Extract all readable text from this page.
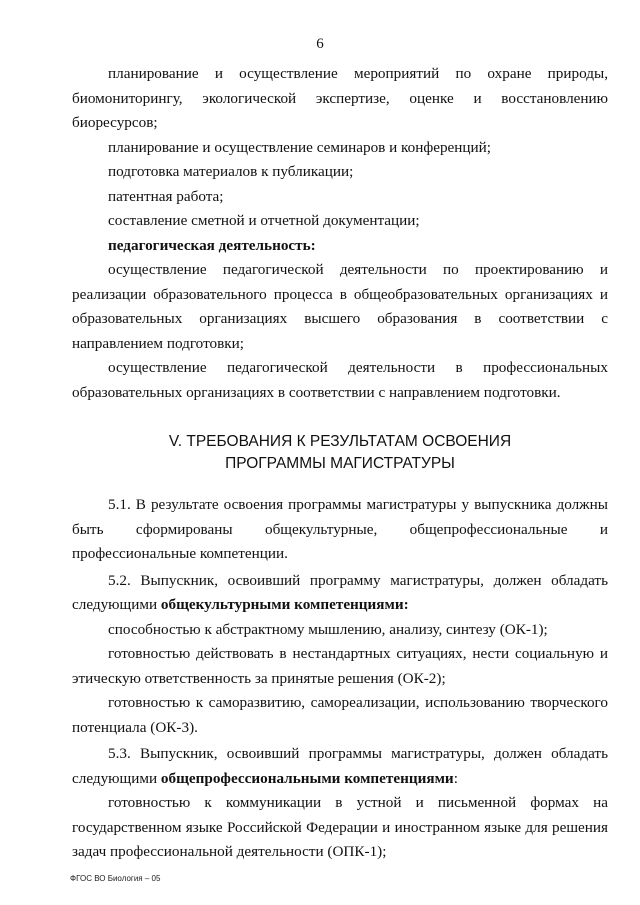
6

планирование и осуществление мероприятий по охране природы, биомониторингу, экологической экспертизе, оценке и восстановлению биоресурсов;

планирование и осуществление семинаров и конференций;

подготовка материалов к публикации;

патентная работа;

составление сметной и отчетной документации;

педагогическая деятельность:

осуществление педагогической деятельности по проектированию и реализации образовательного процесса в общеобразовательных организациях и образовательных организациях высшего образования в соответствии с направлением подготовки;

осуществление педагогической деятельности в профессиональных образовательных организациях в соответствии с направлением подготовки.

V. ТРЕБОВАНИЯ К РЕЗУЛЬТАТАМ ОСВОЕНИЯ
ПРОГРАММЫ МАГИСТРАТУРЫ

5.1. В результате освоения программы магистратуры у выпускника должны быть сформированы общекультурные, общепрофессиональные и профессиональные компетенции.

5.2. Выпускник, освоивший программу магистратуры, должен обладать следующими общекультурными компетенциями:

способностью к абстрактному мышлению, анализу, синтезу (ОК-1);

готовностью действовать в нестандартных ситуациях, нести социальную и этическую ответственность за принятые решения (ОК-2);

готовностью к саморазвитию, самореализации, использованию творческого потенциала (ОК-3).

5.3. Выпускник, освоивший программы магистратуры, должен обладать следующими общепрофессиональными компетенциями:

готовностью к коммуникации в устной и письменной формах на государственном языке Российской Федерации и иностранном языке для решения задач профессиональной деятельности (ОПК-1);

ФГОС ВО Биология – 05
